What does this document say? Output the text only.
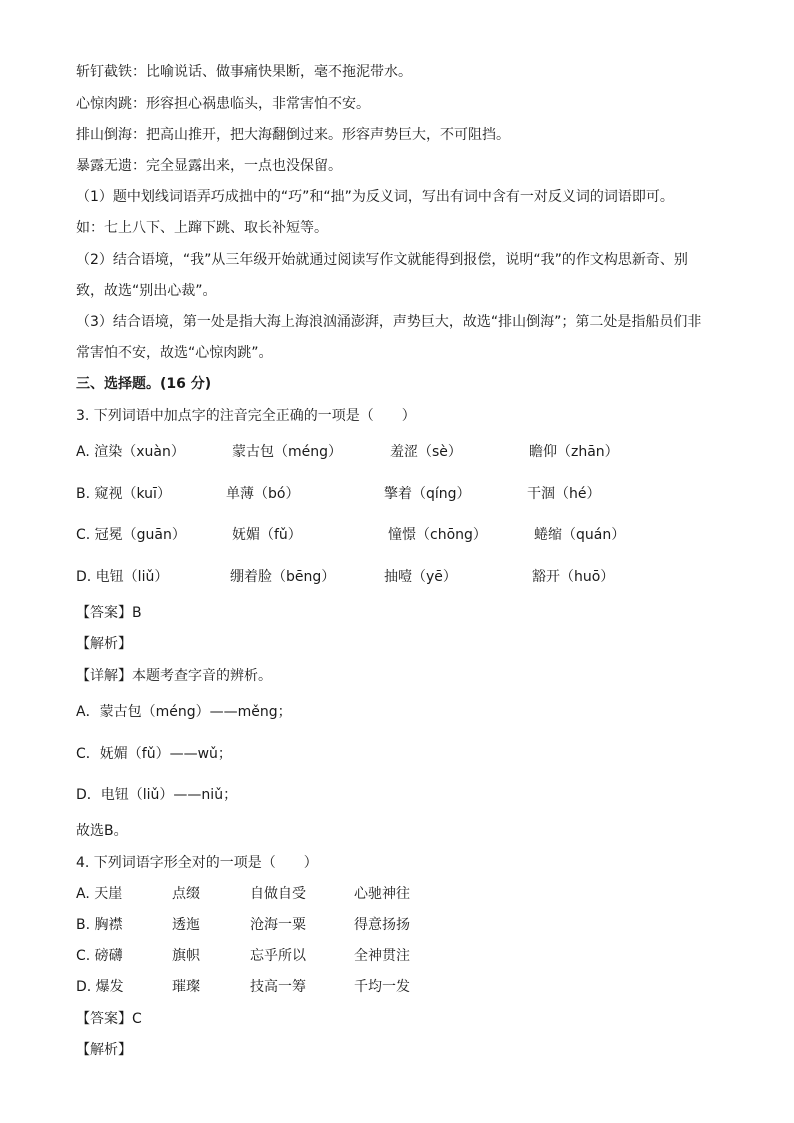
斩钉截铁：比喻说话、做事痛快果断，毫不拖泥带水。
心惊肉跳：形容担心祸患临头，非常害怕不安。
排山倒海：把高山推开，把大海翻倒过来。形容声势巨大，不可阻挡。
暴露无遗：完全显露出来，一点也没保留。
（1）题中划线词语弄巧成拙中的“巧”和“拙”为反义词，写出有词中含有一对反义词的词语即可。
如：七上八下、上蹿下跳、取长补短等。
（2）结合语境，“我”从三年级开始就通过阅读写作文就能得到报偿，说明“我”的作文构思新奇、别
致，故选“别出心裁”。
（3）结合语境，第一处是指大海上海浪汹涌澎湃，声势巨大，故选“排山倒海”；第二处是指船员们非
常害怕不安，故选“心惊肉跳”。
三、选择题。(16 分)
3. 下列词语中加点字的注音完全正确的一项是（　　）
A. 渲染（xuàn）	蒙古包（méng）	羞涩（sè）	瞻仰（zhān）
B. 窥视（kuī）	单薄（bó）	擎着（qíng）	干涸（hé）
C. 冠冕（guān）	妩媚（fǔ）	憧憬（chōng）	蜷缩（quán）
D. 电钮（liǔ）	绷着脸（bēng）	抽噎（yē）	豁开（huō）
【答案】B
【解析】
【详解】本题考查字音的辨析。
A．蒙古包（méng）——měng；
C．妩媚（fǔ）——wǔ；
D．电钮（liǔ）——niǔ；
故选B。
4. 下列词语字形全对的一项是（　　）
A. 天崖	点缀	自做自受	心驰神往
B. 胸襟	透迤	沧海一粟	得意扬扬
C. 磅礴	旗帜	忘乎所以	全神贯注
D. 爆发	璀璨	技高一筹	千均一发
【答案】C
【解析】
